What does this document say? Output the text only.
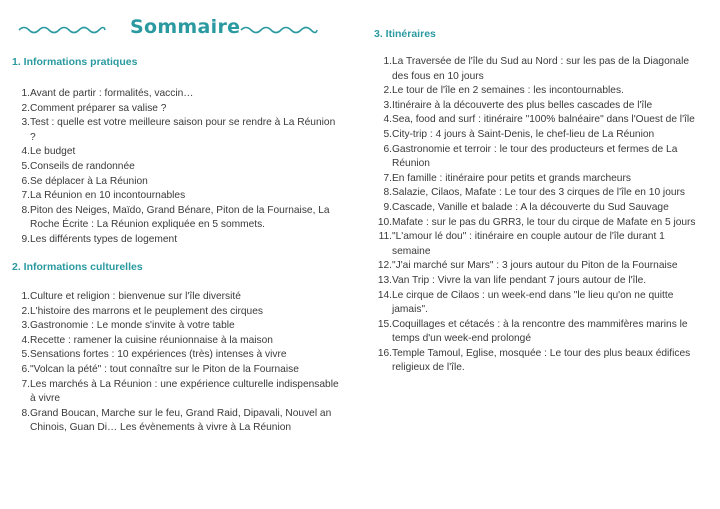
Sommaire
1. Informations pratiques
1. Avant de partir : formalités, vaccin…
2. Comment préparer sa valise ?
3. Test : quelle est votre meilleure saison pour se rendre à La Réunion ?
4. Le budget
5. Conseils de randonnée
6. Se déplacer à La Réunion
7. La Réunion en 10 incontournables
8. Piton des Neiges, Maïdo, Grand Bénare, Piton de la Fournaise, La Roche Écrite : La Réunion expliquée en 5 sommets.
9. Les différents types de logement
2. Informations culturelles
1. Culture et religion : bienvenue sur l'île diversité
2. L'histoire des marrons et le peuplement des cirques
3. Gastronomie : Le monde s'invite à votre table
4. Recette : ramener la cuisine réunionnaise à la maison
5. Sensations fortes : 10 expériences (très) intenses à vivre
6. "Volcan la pété" : tout connaître sur le Piton de la Fournaise
7. Les marchés à La Réunion : une expérience culturelle indispensable à vivre
8. Grand Boucan, Marche sur le feu, Grand Raid, Dipavali, Nouvel an Chinois, Guan Di… Les évènements à vivre à La Réunion
3. Itinéraires
1. La Traversée de l'île du Sud au Nord : sur les pas de la Diagonale des fous en 10 jours
2. Le tour de l'île en 2 semaines : les incontournables.
3. Itinéraire à la découverte des plus belles cascades de l'île
4. Sea, food and surf : itinéraire "100% balnéaire" dans l'Ouest de l'île
5. City-trip : 4 jours à Saint-Denis, le chef-lieu de La Réunion
6. Gastronomie et terroir : le tour des producteurs et fermes de La Réunion
7. En famille : itinéraire pour petits et grands marcheurs
8. Salazie, Cilaos, Mafate : Le tour des 3 cirques de l'île en 10 jours
9. Cascade, Vanille et balade : A la découverte du Sud Sauvage
10. Mafate : sur le pas du GRR3, le tour du cirque de Mafate en 5 jours
11. "L'amour lé dou" : itinéraire en couple autour de l'île durant 1 semaine
12. "J'ai marché sur Mars" : 3 jours autour du Piton de la Fournaise
13. Van Trip : Vivre la van life pendant 7 jours autour de l'île.
14. Le cirque de Cilaos : un week-end dans "le lieu qu'on ne quitte jamais".
15. Coquillages et cétacés : à la rencontre des mammifères marins le temps d'un week-end prolongé
16. Temple Tamoul, Eglise, mosquée : Le tour des plus beaux édifices religieux de l'île.
